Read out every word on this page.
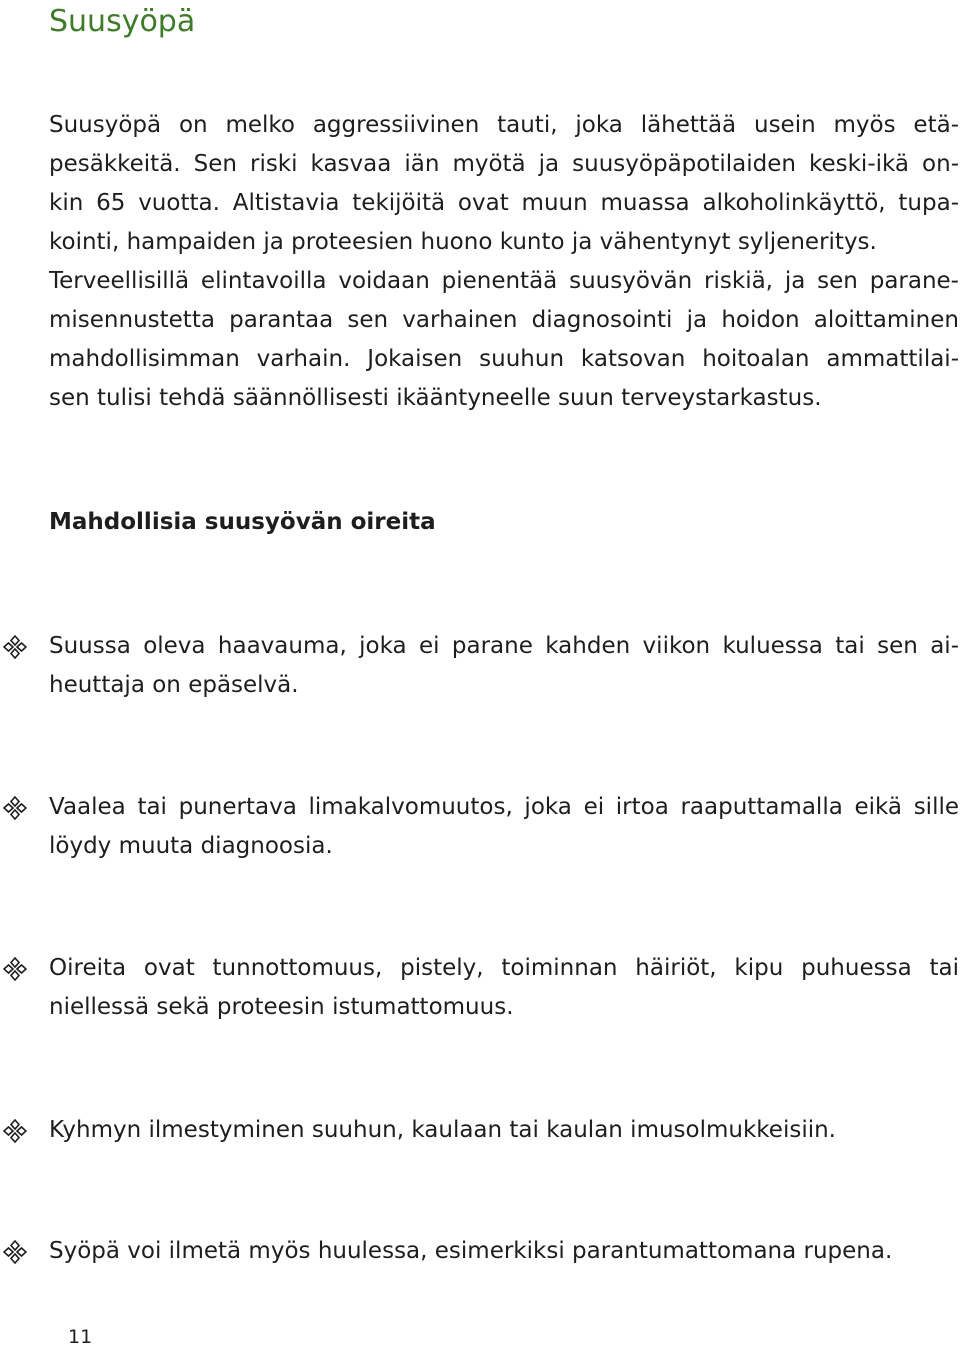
Suusyöpä

Suusyöpä on melko aggressiivinen tauti, joka lähettää usein myös etä-
pesäkkeitä. Sen riski kasvaa iän myötä ja suusyöpäpotilaiden keski-ikä on-
kin 65 vuotta. Altistavia tekijöitä ovat muun muassa alkoholinkäyttö, tupa-
kointi, hampaiden ja proteesien huono kunto ja vähentynyt syljeneritys.
Terveellisillä elintavoilla voidaan pienentää suusyövän riskiä, ja sen parane-
misennustetta parantaa sen varhainen diagnosointi ja hoidon aloittaminen
mahdollisimman varhain. Jokaisen suuhun katsovan hoitoalan ammattilai-
sen tulisi tehdä säännöllisesti ikääntyneelle suun terveystarkastus.

Mahdollisia suusyövän oireita

Suussa oleva haavauma, joka ei parane kahden viikon kuluessa tai sen ai-
heuttaja on epäselvä.

Vaalea tai punertava limakalvomuutos, joka ei irtoa raaputtamalla eikä sille
löydy muuta diagnoosia.

Oireita ovat tunnottomuus, pistely, toiminnan häiriöt, kipu puhuessa tai
niellessä sekä proteesin istumattomuus.

Kyhmyn ilmestyminen suuhun, kaulaan tai kaulan imusolmukkeisiin.

Syöpä voi ilmetä myös huulessa, esimerkiksi parantumattomana rupena.

11
